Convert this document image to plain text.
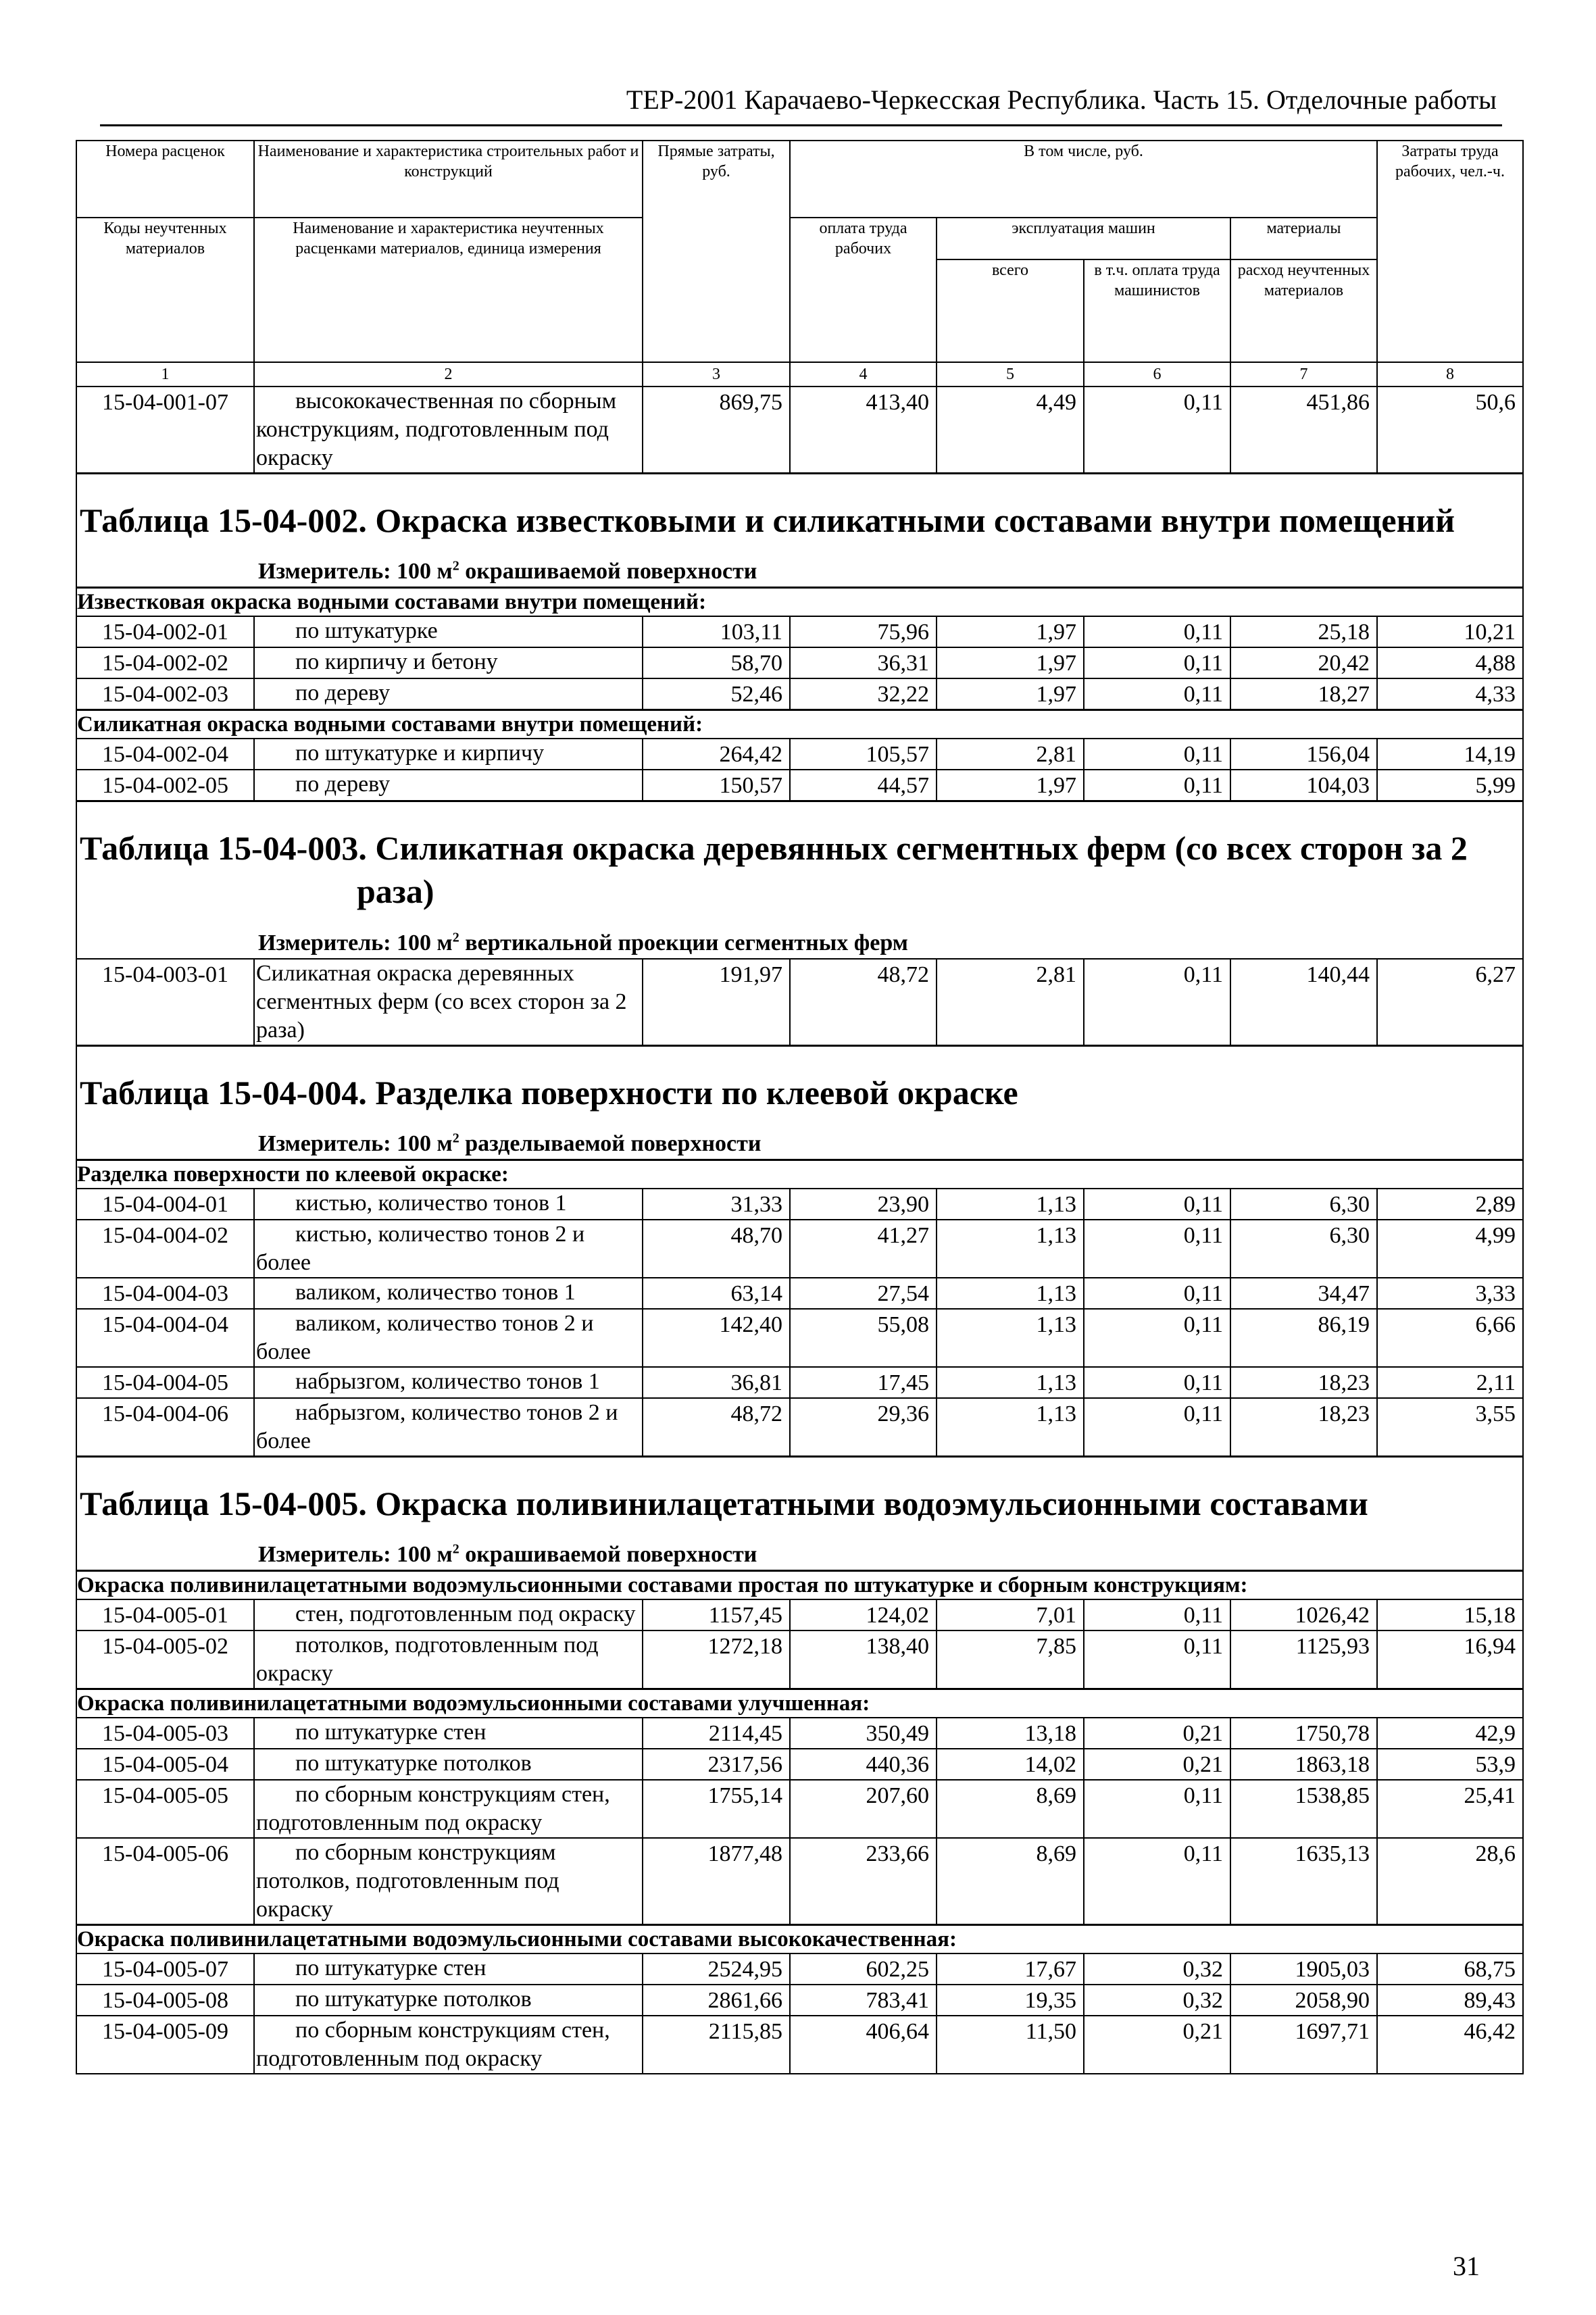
ТЕР-2001 Карачаево-Черкесская Республика. Часть 15. Отделочные работы
Номера расценок	Наименование и характеристика строительных работ и конструкций	Прямые затраты, руб.	В том числе, руб.				Затраты труда рабочих, чел.-ч.
Коды неучтенных материалов	Наименование и характеристика неучтенных расценками материалов, единица измерения		оплата труда рабочих	эксплуатация машин		материалы	
				всего	в т.ч. оплата труда машинистов	расход неучтенных материалов	
1	2	3	4	5	6	7	8
15-04-001-07	высококачественная по сборным конструкциям, подготовленным под окраску	869,75	413,40	4,49	0,11	451,86	50,6

Таблица 15-04-002. Окраска известковыми и силикатными составами внутри помещений
Измеритель: 100 $м^2$ окрашиваемой поверхности							

Известковая окраска водными составами внутри помещений:							
15-04-002-01	по штукатурке	103,11	75,96	1,97	0,11	25,18	10,21
15-04-002-02	по кирпичу и бетону	58,70	36,31	1,97	0,11	20,42	4,88
15-04-002-03	по дереву	52,46	32,22	1,97	0,11	18,27	4,33
Силикатная окраска водными составами внутри помещений:							
15-04-002-04	по штукатурке и кирпичу	264,42	105,57	2,81	0,11	156,04	14,19
15-04-002-05	по дереву	150,57	44,57	1,97	0,11	104,03	5,99

Таблица 15-04-003. Силикатная окраска деревянных сегментных ферм (со всех сторон за 2
раза)
Измеритель: 100 $м^2$ вертикальной проекции сегментных ферм							

15-04-003-01	Силикатная окраска деревянных сегментных ферм (со всех сторон за 2 раза)	191,97	48,72	2,81	0,11	140,44	6,27

Таблица 15-04-004. Разделка поверхности по клеевой окраске
Измеритель: 100 $м^2$ разделываемой поверхности							

Разделка поверхности по клеевой окраске:							
15-04-004-01	кистью, количество тонов 1	31,33	23,90	1,13	0,11	6,30	2,89
15-04-004-02	кистью, количество тонов 2 и более	48,70	41,27	1,13	0,11	6,30	4,99
15-04-004-03	валиком, количество тонов 1	63,14	27,54	1,13	0,11	34,47	3,33
15-04-004-04	валиком, количество тонов 2 и более	142,40	55,08	1,13	0,11	86,19	6,66
15-04-004-05	набрызгом, количество тонов 1	36,81	17,45	1,13	0,11	18,23	2,11
15-04-004-06	набрызгом, количество тонов 2 и более	48,72	29,36	1,13	0,11	18,23	3,55

Таблица 15-04-005. Окраска поливинилацетатными водоэмульсионными составами
Измеритель: 100 $м^2$ окрашиваемой поверхности							

Окраска поливинилацетатными водоэмульсионными составами простая по штукатурке и сборным конструкциям:							
15-04-005-01	стен, подготовленным под окраску	1157,45	124,02	7,01	0,11	1026,42	15,18
15-04-005-02	потолков, подготовленным под окраску	1272,18	138,40	7,85	0,11	1125,93	16,94
Окраска поливинилацетатными водоэмульсионными составами улучшенная:							
15-04-005-03	по штукатурке стен	2114,45	350,49	13,18	0,21	1750,78	42,9
15-04-005-04	по штукатурке потолков	2317,56	440,36	14,02	0,21	1863,18	53,9
15-04-005-05	по сборным конструкциям стен, подготовленным под окраску	1755,14	207,60	8,69	0,11	1538,85	25,41
15-04-005-06	по сборным конструкциям потолков, подготовленным под окраску	1877,48	233,66	8,69	0,11	1635,13	28,6
Окраска поливинилацетатными водоэмульсионными составами высококачественная:							
15-04-005-07	по штукатурке стен	2524,95	602,25	17,67	0,32	1905,03	68,75
15-04-005-08	по штукатурке потолков	2861,66	783,41	19,35	0,32	2058,90	89,43
15-04-005-09	по сборным конструкциям стен, подготовленным под окраску	2115,85	406,64	11,50	0,21	1697,71	46,42
31
